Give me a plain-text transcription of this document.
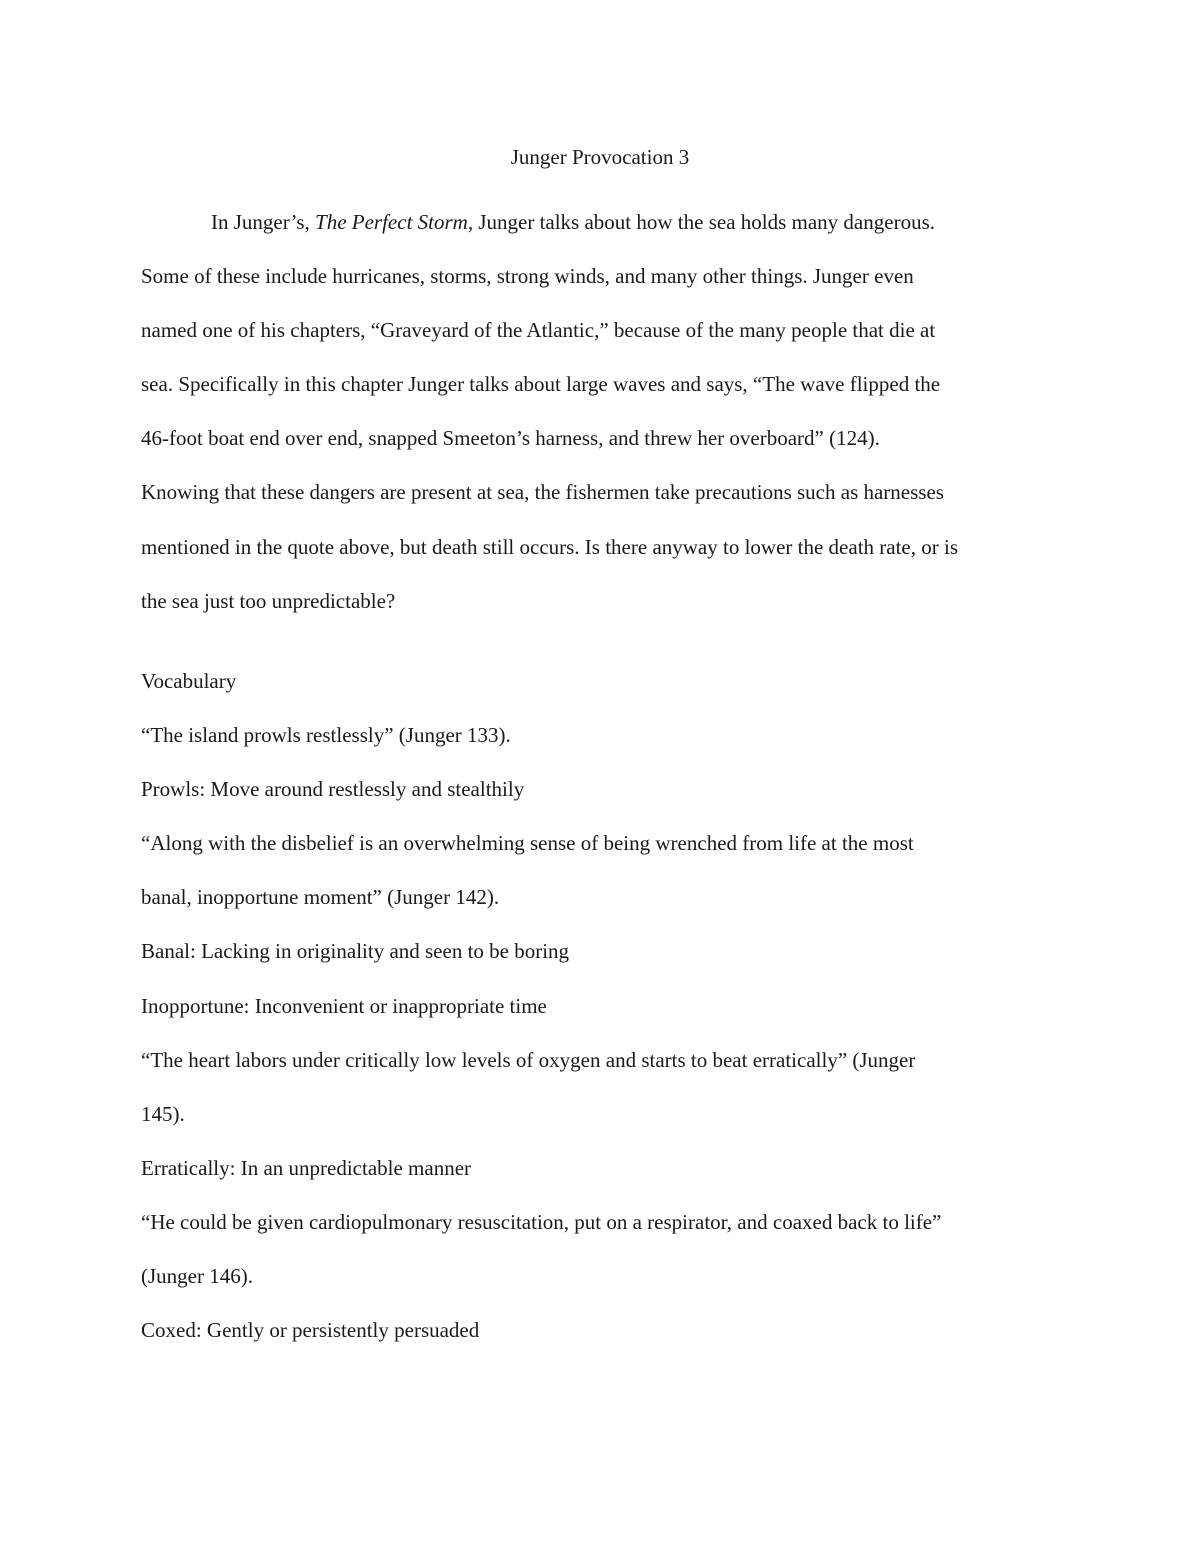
Junger Provocation 3
In Junger’s, The Perfect Storm, Junger talks about how the sea holds many dangerous.
Some of these include hurricanes, storms, strong winds, and many other things. Junger even
named one of his chapters, “Graveyard of the Atlantic,” because of the many people that die at
sea. Specifically in this chapter Junger talks about large waves and says, “The wave flipped the
46-foot boat end over end, snapped Smeeton’s harness, and threw her overboard” (124).
Knowing that these dangers are present at sea, the fishermen take precautions such as harnesses
mentioned in the quote above, but death still occurs. Is there anyway to lower the death rate, or is
the sea just too unpredictable?
Vocabulary
“The island prowls restlessly” (Junger 133).
Prowls: Move around restlessly and stealthily
“Along with the disbelief is an overwhelming sense of being wrenched from life at the most
banal, inopportune moment” (Junger 142).
Banal: Lacking in originality and seen to be boring
Inopportune: Inconvenient or inappropriate time
“The heart labors under critically low levels of oxygen and starts to beat erratically” (Junger
145).
Erratically: In an unpredictable manner
“He could be given cardiopulmonary resuscitation, put on a respirator, and coaxed back to life”
(Junger 146).
Coxed: Gently or persistently persuaded
